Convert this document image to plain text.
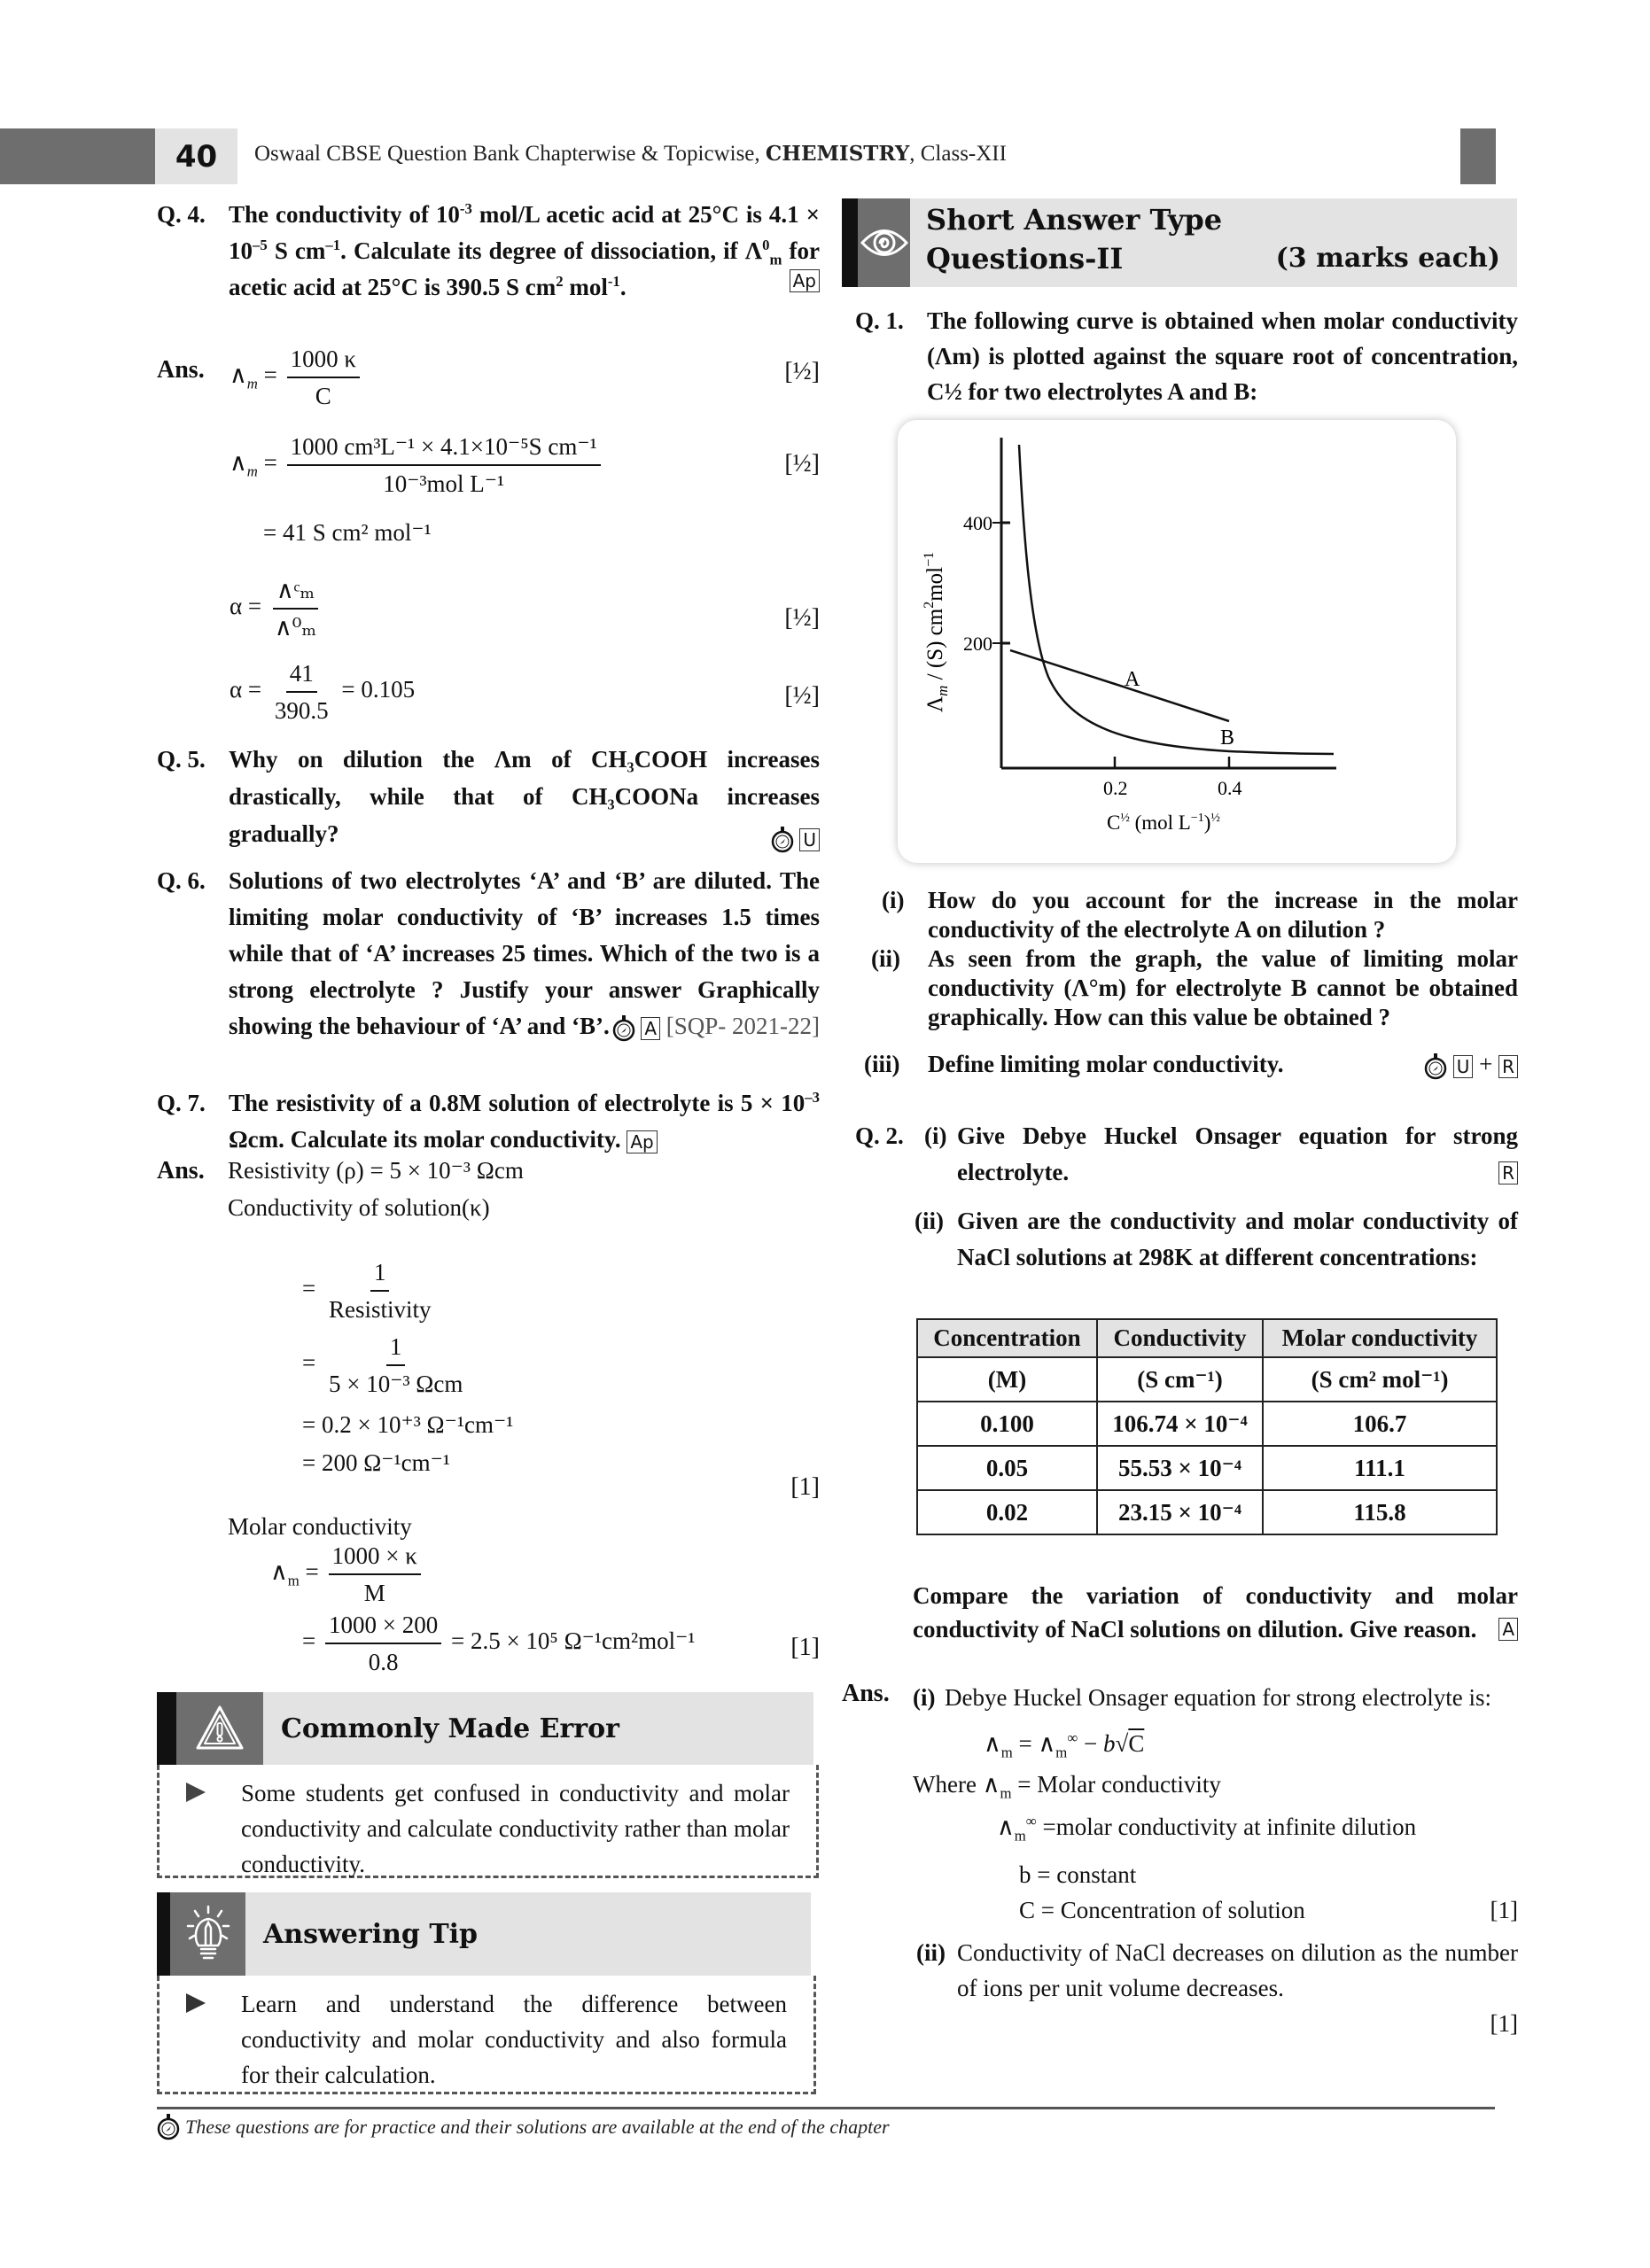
40	Oswaal CBSE Question Bank Chapterwise & Topicwise, CHEMISTRY, Class-XII
Q. 4. The conductivity of $10^{-3}$ mol/L acetic acid at 25°C is $4.1 \times 10^{-5}$ S $cm^{-1}$. Calculate its degree of dissociation, if $\Lambda^0_m$ for acetic acid at 25°C is 390.5 S $cm^2$ mol$^{-1}$.	Ap
Ans. $\wedge_m = \frac{1000 \kappa}{C}$	[½]
$\wedge_m = \frac{\text{1000 cm³L⁻¹ × 4.1×10⁻⁵S cm⁻¹}}{\text{10⁻³mol L⁻¹}}$	[½]
= 41 S cm² mol⁻¹
$\alpha = \frac{\text{∧ᶜₘ}}{\text{∧⁰ₘ}}$	[½]
$\alpha = \frac{41}{390.5} = 0.105$	[½]
Q. 5. Why on dilution the Λm of CH₃COOH increases drastically, while that of CH₃COONa increases gradually?	U
Q. 6. Solutions of two electrolytes ‘A’ and ‘B’ are diluted. The limiting molar conductivity of ‘B’ increases 1.5 times while that of ‘A’ increases 25 times. Which of the two is a strong electrolyte ? Justify your answer Graphically showing the behaviour of ‘A’ and ‘B’.	A [SQP- 2021-22]
Q. 7. The resistivity of a 0.8M solution of electrolyte is $5 \times 10^{-3}$ Ωcm. Calculate its molar conductivity. Ap
Ans. Resistivity (ρ) = 5 × 10⁻³ Ωcm
Conductivity of solution(κ)
= $\frac{1}{\text{Resistivity}}$
= $\frac{1}{\text{5 × 10⁻³ Ωcm}}$
= 0.2 × 10⁺³ Ω⁻¹cm⁻¹
= 200 Ω⁻¹cm⁻¹
[1]
Molar conductivity
$\wedge_m = \frac{1000 \times \kappa}{M}$
= $\frac{1000 \times 200}{0.8} = 2.5 \times 10^5$ Ω⁻¹cm²mol⁻¹	[1]
Commonly Made Error
Some students get confused in conductivity and molar conductivity and calculate conductivity rather than molar conductivity.
Answering Tip
Learn and understand the difference between conductivity and molar conductivity and also formula for their calculation.
Short Answer Type
Questions-II	(3 marks each)
Q. 1. The following curve is obtained when molar conductivity (Λm) is plotted against the square root of concentration, C½ for two electrolytes A and B:
(i) How do you account for the increase in the molar conductivity of the electrolyte A on dilution ?
(ii) As seen from the graph, the value of limiting molar conductivity (Λ°m) for electrolyte B cannot be obtained graphically. How can this value be obtained ?
(iii) Define limiting molar conductivity.	U + R
Q. 2. (i) Give Debye Huckel Onsager equation for strong electrolyte.	R
(ii) Given are the conductivity and molar conductivity of NaCl solutions at 298K at different concentrations:
400
200
0.2	0.4
$C^{\frac{1}{2}}$ (mol $L^{-1})^{\frac{1}{2}}$
$\Lambda_m / (S)$ $cm^2mol^{-1}$
A
B
Concentration	Conductivity	Molar conductivity
(M)	(S cm⁻¹)	(S cm² mol⁻¹)
0.100	106.74 × 10⁻⁴	106.7
0.05	55.53 × 10⁻⁴	111.1
0.02	23.15 × 10⁻⁴	115.8
Compare the variation of conductivity and molar conductivity of NaCl solutions on dilution. Give reason. A
Ans. (i) Debye Huckel Onsager equation for strong electrolyte is:
$\wedge_m$ = $\wedge_m^\infty - b√C$
Where $\wedge_m$ = Molar conductivity
$\wedge_m^\infty$ =molar conductivity at infinite dilution
b = constant
C = Concentration of solution	[1]
(ii) Conductivity of NaCl decreases on dilution as the number of ions per unit volume decreases.
[1]
These questions are for practice and their solutions are available at the end of the chapter
